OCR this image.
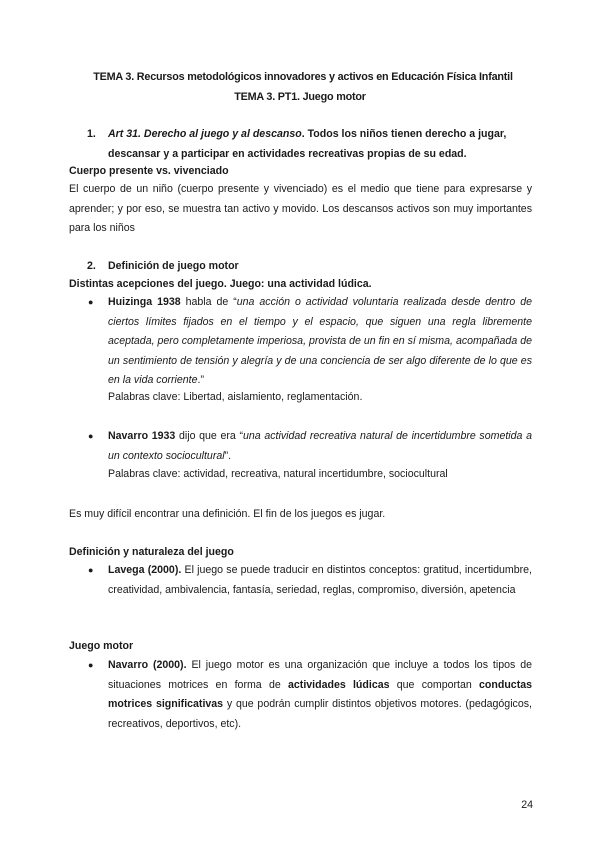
TEMA 3. Recursos metodológicos innovadores y activos en Educación Física Infantil
TEMA 3. PT1. Juego motor
1.	Art 31. Derecho al juego y al descanso. Todos los niños tienen derecho a jugar, descansar y a participar en actividades recreativas propias de su edad.
Cuerpo presente vs. vivenciado
El cuerpo de un niño (cuerpo presente y vivenciado) es el medio que tiene para expresarse y aprender; y por eso, se muestra tan activo y movido. Los descansos activos son muy importantes para los niños
2.	Definición de juego motor
Distintas acepciones del juego. Juego: una actividad lúdica.
●	Huizinga 1938 habla de “una acción o actividad voluntaria realizada desde dentro de ciertos límites fijados en el tiempo y el espacio, que siguen una regla libremente aceptada, pero completamente imperiosa, provista de un fin en sí misma, acompañada de un sentimiento de tensión y alegría y de una conciencia de ser algo diferente de lo que es en la vida corriente.”
Palabras clave: Libertad, aislamiento, reglamentación.
●	Navarro 1933 dijo que era “una actividad recreativa natural de incertidumbre sometida a un contexto sociocultural”.
Palabras clave: actividad, recreativa, natural incertidumbre, sociocultural
Es muy difícil encontrar una definición. El fin de los juegos es jugar.
Definición y naturaleza del juego
●	Lavega (2000). El juego se puede traducir en distintos conceptos: gratitud, incertidumbre, creatividad, ambivalencia, fantasía, seriedad, reglas, compromiso, diversión, apetencia
Juego motor
●	Navarro (2000). El juego motor es una organización que incluye a todos los tipos de situaciones motrices en forma de actividades lúdicas que comportan conductas motrices significativas y que podrán cumplir distintos objetivos motores. (pedagógicos, recreativos, deportivos, etc).
24
